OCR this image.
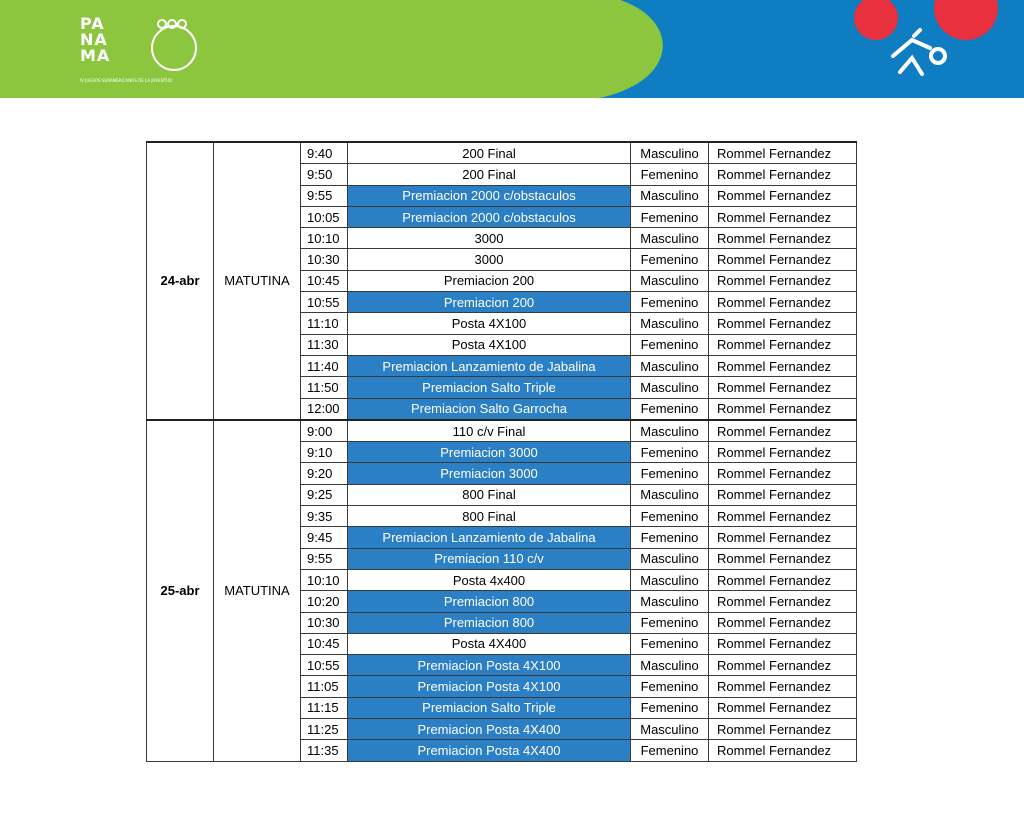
PA
NA
MA
IV JUEGOS SURAMERICANOS DE LA JUVENTUD
24-abr	MATUTINA	9:40	200 Final	Masculino	Rommel Fernandez
		9:50	200 Final	Femenino	Rommel Fernandez
		9:55	Premiacion 2000 c/obstaculos	Masculino	Rommel Fernandez
		10:05	Premiacion 2000 c/obstaculos	Femenino	Rommel Fernandez
		10:10	3000	Masculino	Rommel Fernandez
		10:30	3000	Femenino	Rommel Fernandez
		10:45	Premiacion 200	Masculino	Rommel Fernandez
		10:55	Premiacion 200	Femenino	Rommel Fernandez
		11:10	Posta 4X100	Masculino	Rommel Fernandez
		11:30	Posta 4X100	Femenino	Rommel Fernandez
		11:40	Premiacion Lanzamiento de Jabalina	Masculino	Rommel Fernandez
		11:50	Premiacion Salto Triple	Masculino	Rommel Fernandez
		12:00	Premiacion Salto Garrocha	Femenino	Rommel Fernandez
25-abr	MATUTINA	9:00	110 c/v Final	Masculino	Rommel Fernandez
		9:10	Premiacion 3000	Femenino	Rommel Fernandez
		9:20	Premiacion 3000	Femenino	Rommel Fernandez
		9:25	800 Final	Masculino	Rommel Fernandez
		9:35	800 Final	Femenino	Rommel Fernandez
		9:45	Premiacion Lanzamiento de Jabalina	Femenino	Rommel Fernandez
		9:55	Premiacion 110 c/v	Masculino	Rommel Fernandez
		10:10	Posta 4x400	Masculino	Rommel Fernandez
		10:20	Premiacion 800	Masculino	Rommel Fernandez
		10:30	Premiacion 800	Femenino	Rommel Fernandez
		10:45	Posta 4X400	Femenino	Rommel Fernandez
		10:55	Premiacion Posta 4X100	Masculino	Rommel Fernandez
		11:05	Premiacion Posta 4X100	Femenino	Rommel Fernandez
		11:15	Premiacion Salto Triple	Femenino	Rommel Fernandez
		11:25	Premiacion Posta 4X400	Masculino	Rommel Fernandez
		11:35	Premiacion Posta 4X400	Femenino	Rommel Fernandez
